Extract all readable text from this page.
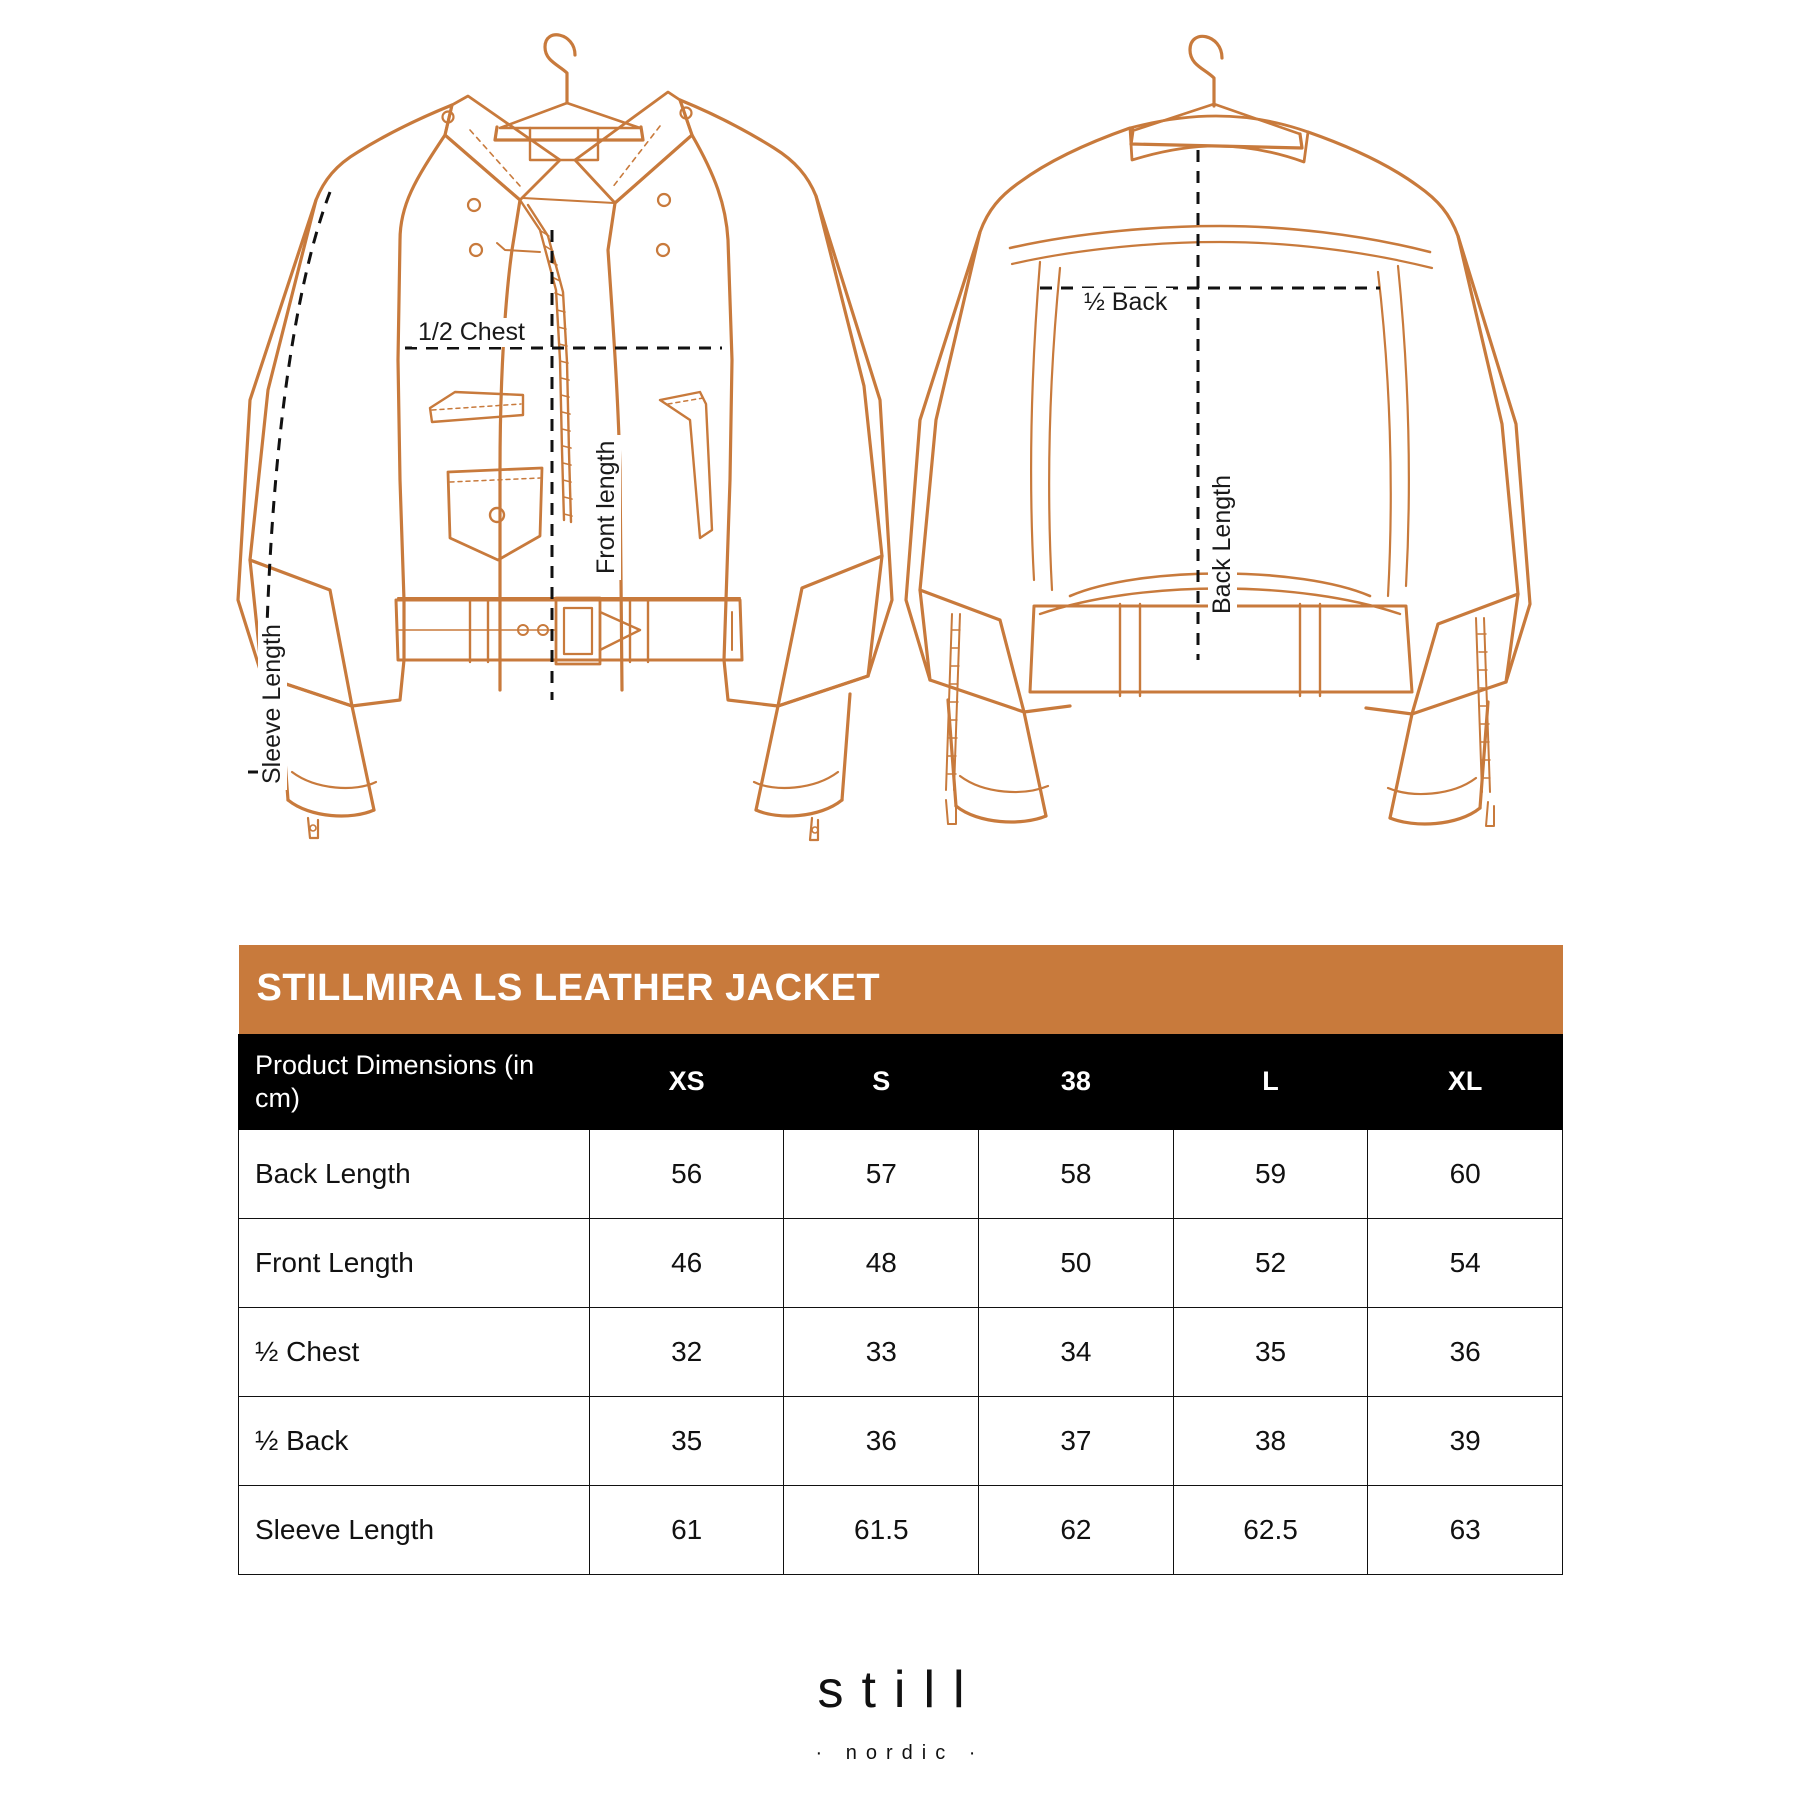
1/2 Chest
Front length
Sleeve Length
½ Back
Back Length
STILLMIRA LS LEATHER JACKET					
Product Dimensions (in cm)	XS	S	38	L	XL
Back Length	56	57	58	59	60
Front Length	46	48	50	52	54
½ Chest	32	33	34	35	36
½ Back	35	36	37	38	39
Sleeve Length	61	61.5	62	62.5	63
still
· nordic ·
